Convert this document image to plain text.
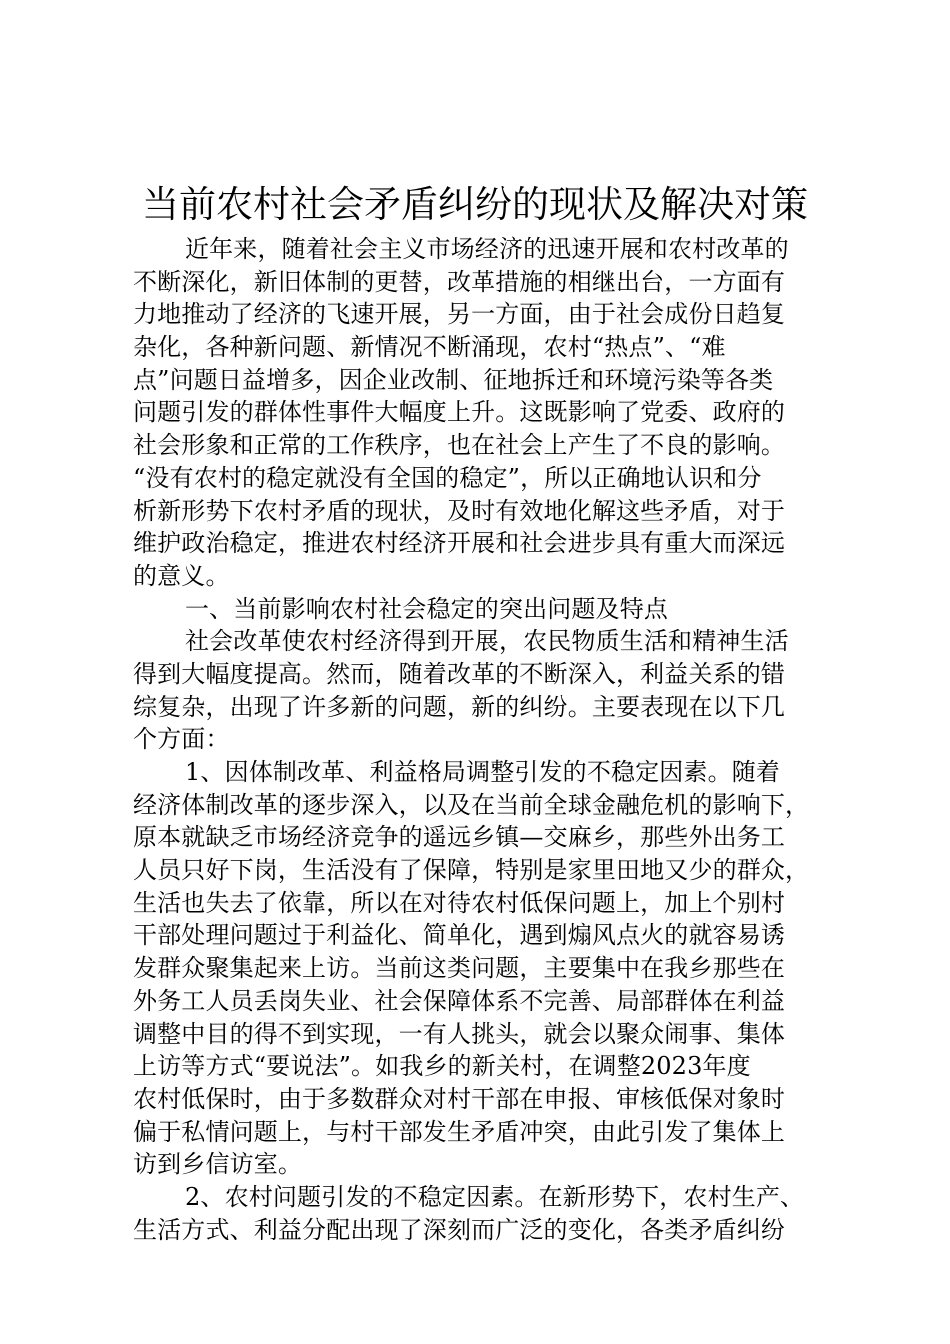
当前农村社会矛盾纠纷的现状及解决对策
近年来，随着社会主义市场经济的迅速开展和农村改革的
不断深化，新旧体制的更替，改革措施的相继出台，一方面有
力地推动了经济的飞速开展，另一方面，由于社会成份日趋复
杂化，各种新问题、新情况不断涌现，农村“热点”、“难
点”问题日益增多，因企业改制、征地拆迁和环境污染等各类
问题引发的群体性事件大幅度上升。这既影响了党委、政府的
社会形象和正常的工作秩序，也在社会上产生了不良的影响。
“没有农村的稳定就没有全国的稳定”，所以正确地认识和分
析新形势下农村矛盾的现状，及时有效地化解这些矛盾，对于
维护政治稳定，推进农村经济开展和社会进步具有重大而深远
的意义。
一、当前影响农村社会稳定的突出问题及特点
社会改革使农村经济得到开展，农民物质生活和精神生活
得到大幅度提高。然而，随着改革的不断深入，利益关系的错
综复杂，出现了许多新的问题，新的纠纷。主要表现在以下几
个方面：
1、因体制改革、利益格局调整引发的不稳定因素。随着
经济体制改革的逐步深入，以及在当前全球金融危机的影响下，
原本就缺乏市场经济竞争的遥远乡镇—交麻乡，那些外出务工
人员只好下岗，生活没有了保障，特别是家里田地又少的群众，
生活也失去了依靠，所以在对待农村低保问题上，加上个别村
干部处理问题过于利益化、简单化，遇到煽风点火的就容易诱
发群众聚集起来上访。当前这类问题，主要集中在我乡那些在
外务工人员丢岗失业、社会保障体系不完善、局部群体在利益
调整中目的得不到实现，一有人挑头，就会以聚众闹事、集体
上访等方式“要说法”。如我乡的新关村，在调整2023年度
农村低保时，由于多数群众对村干部在申报、审核低保对象时
偏于私情问题上，与村干部发生矛盾冲突，由此引发了集体上
访到乡信访室。
2、农村问题引发的不稳定因素。在新形势下，农村生产、
生活方式、利益分配出现了深刻而广泛的变化，各类矛盾纠纷
